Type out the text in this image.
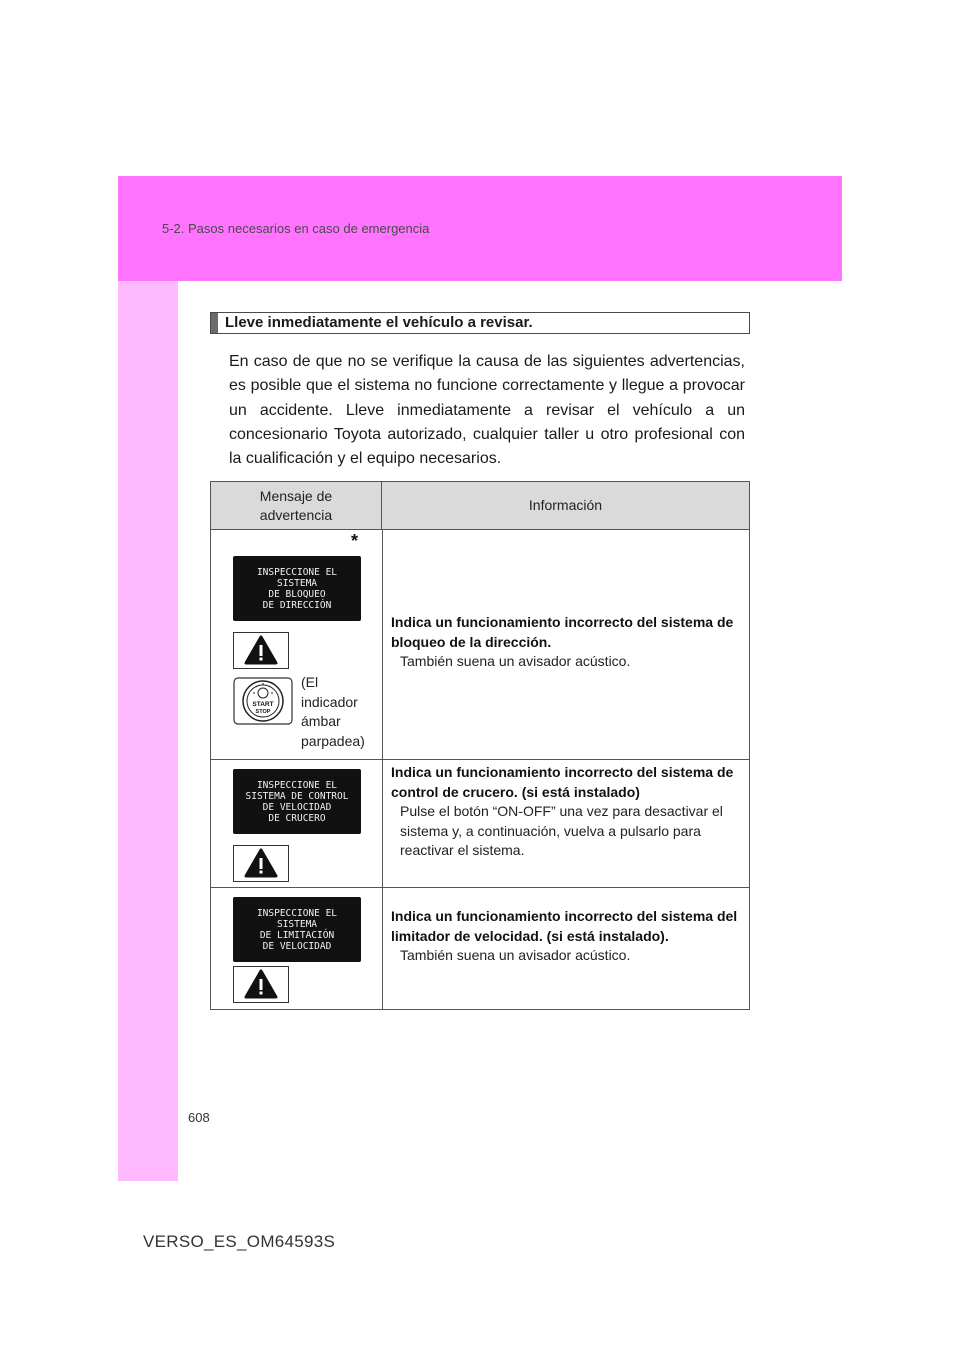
5-2. Pasos necesarios en caso de emergencia
Lleve inmediatamente el vehículo a revisar.

En caso de que no se verifique la causa de las siguientes advertencias, es posible que el sistema no funcione correctamente y llegue a provocar un accidente. Lleve inmediatamente a revisar el vehículo a un concesionario Toyota autorizado, cualquier taller u otro profesional con la cualificación y el equipo necesarios.

Mensaje de advertencia
Información
*
INSPECCIONE EL
SISTEMA
DE BLOQUEO
DE DIRECCIÓN
START
STOP
(El
indicador
ámbar
parpadea)
Indica un funcionamiento incorrecto del sistema de bloqueo de la dirección.
También suena un avisador acústico.
INSPECCIONE EL
SISTEMA DE CONTROL
DE VELOCIDAD
DE CRUCERO
Indica un funcionamiento incorrecto del sistema de control de crucero. (si está instalado)
Pulse el botón “ON-OFF” una vez para desactivar el sistema y, a continuación, vuelva a pulsarlo para reactivar el sistema.
INSPECCIONE EL
SISTEMA
DE LIMITACIÓN
DE VELOCIDAD
Indica un funcionamiento incorrecto del sistema del limitador de velocidad. (si está instalado).
También suena un avisador acústico.
608
VERSO_ES_OM64593S
